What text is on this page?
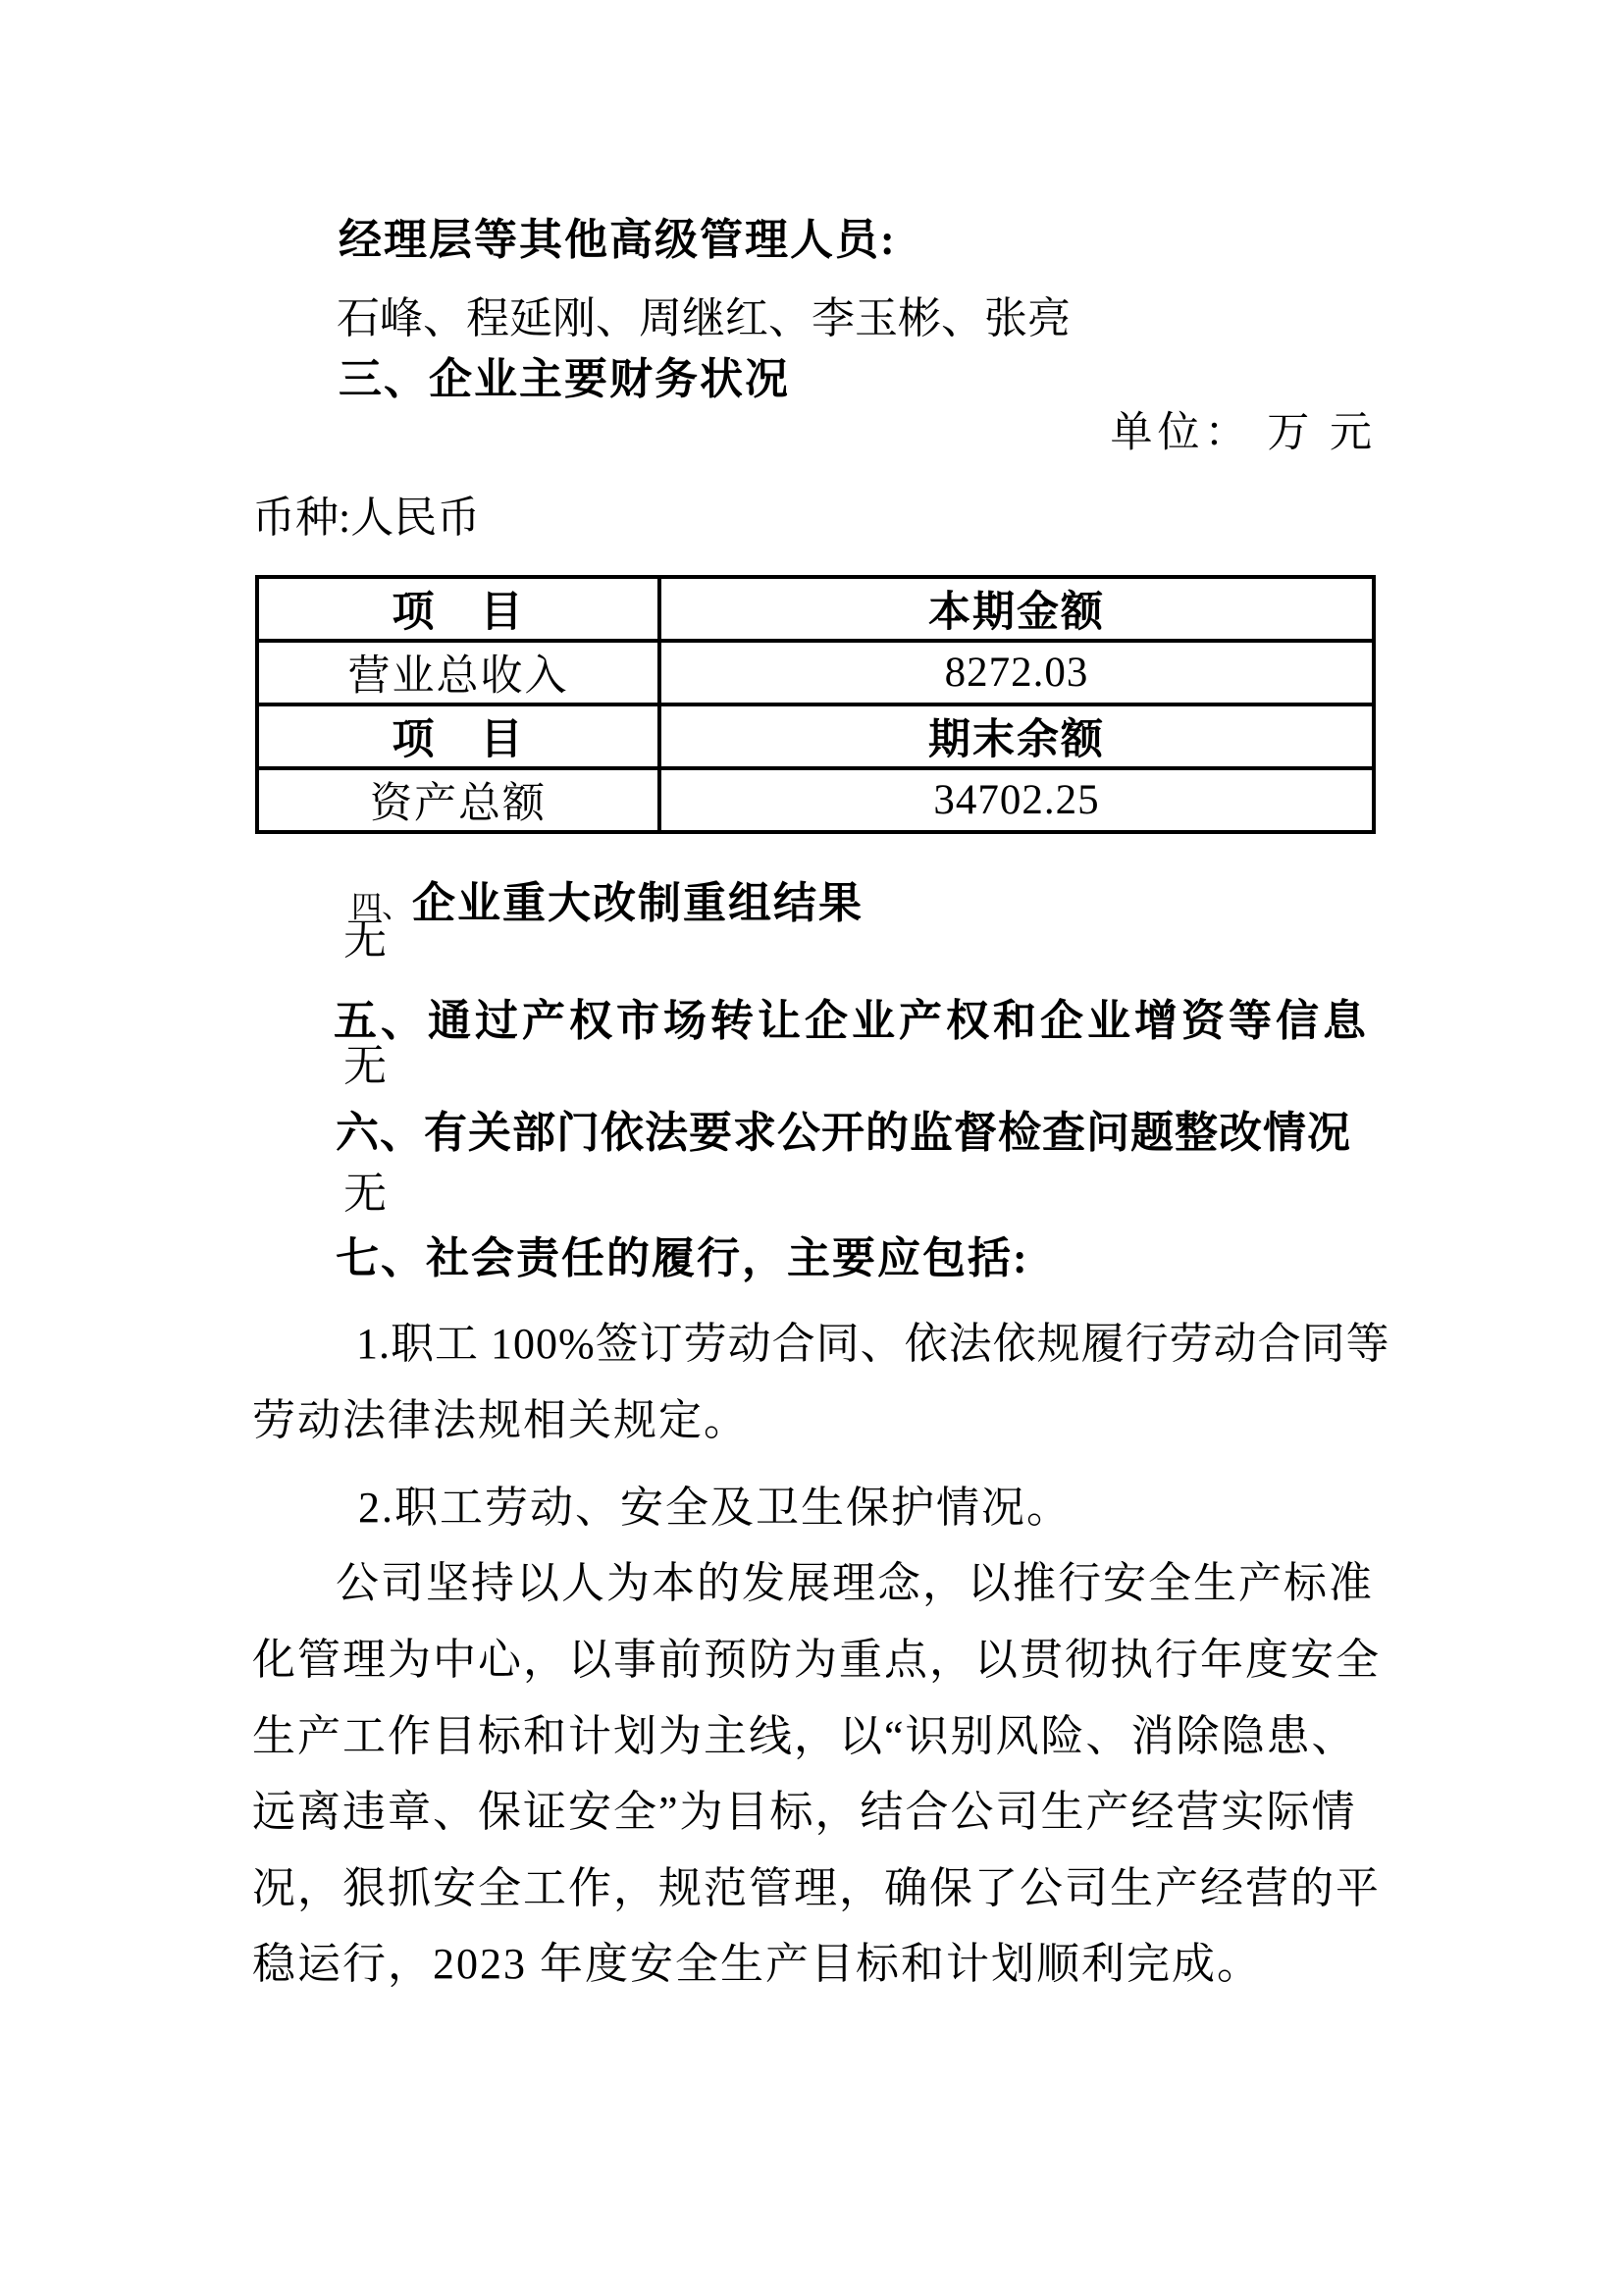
经理层等其他高级管理人员:
石峰、程延刚、周继红、李玉彬、张亮
三、企业主要财务状况
单位： 万 元
币种:人民币
项　目	本期金额
营业总收入	8272.03
项　目	期末余额
资产总额	34702.25

四、企业重大改制重组结果

无
五、通过产权市场转让企业产权和企业增资等信息
无
六、有关部门依法要求公开的监督检查问题整改情况
无
七、社会责任的履行，主要应包括:
1.职工 100%签订劳动合同、依法依规履行劳动合同等
劳动法律法规相关规定。
2.职工劳动、安全及卫生保护情况。
公司坚持以人为本的发展理念，以推行安全生产标准
化管理为中心，以事前预防为重点，以贯彻执行年度安全
生产工作目标和计划为主线，以“识别风险、消除隐患、
远离违章、保证安全”为目标，结合公司生产经营实际情
况，狠抓安全工作，规范管理，确保了公司生产经营的平
稳运行，2023 年度安全生产目标和计划顺利完成。
